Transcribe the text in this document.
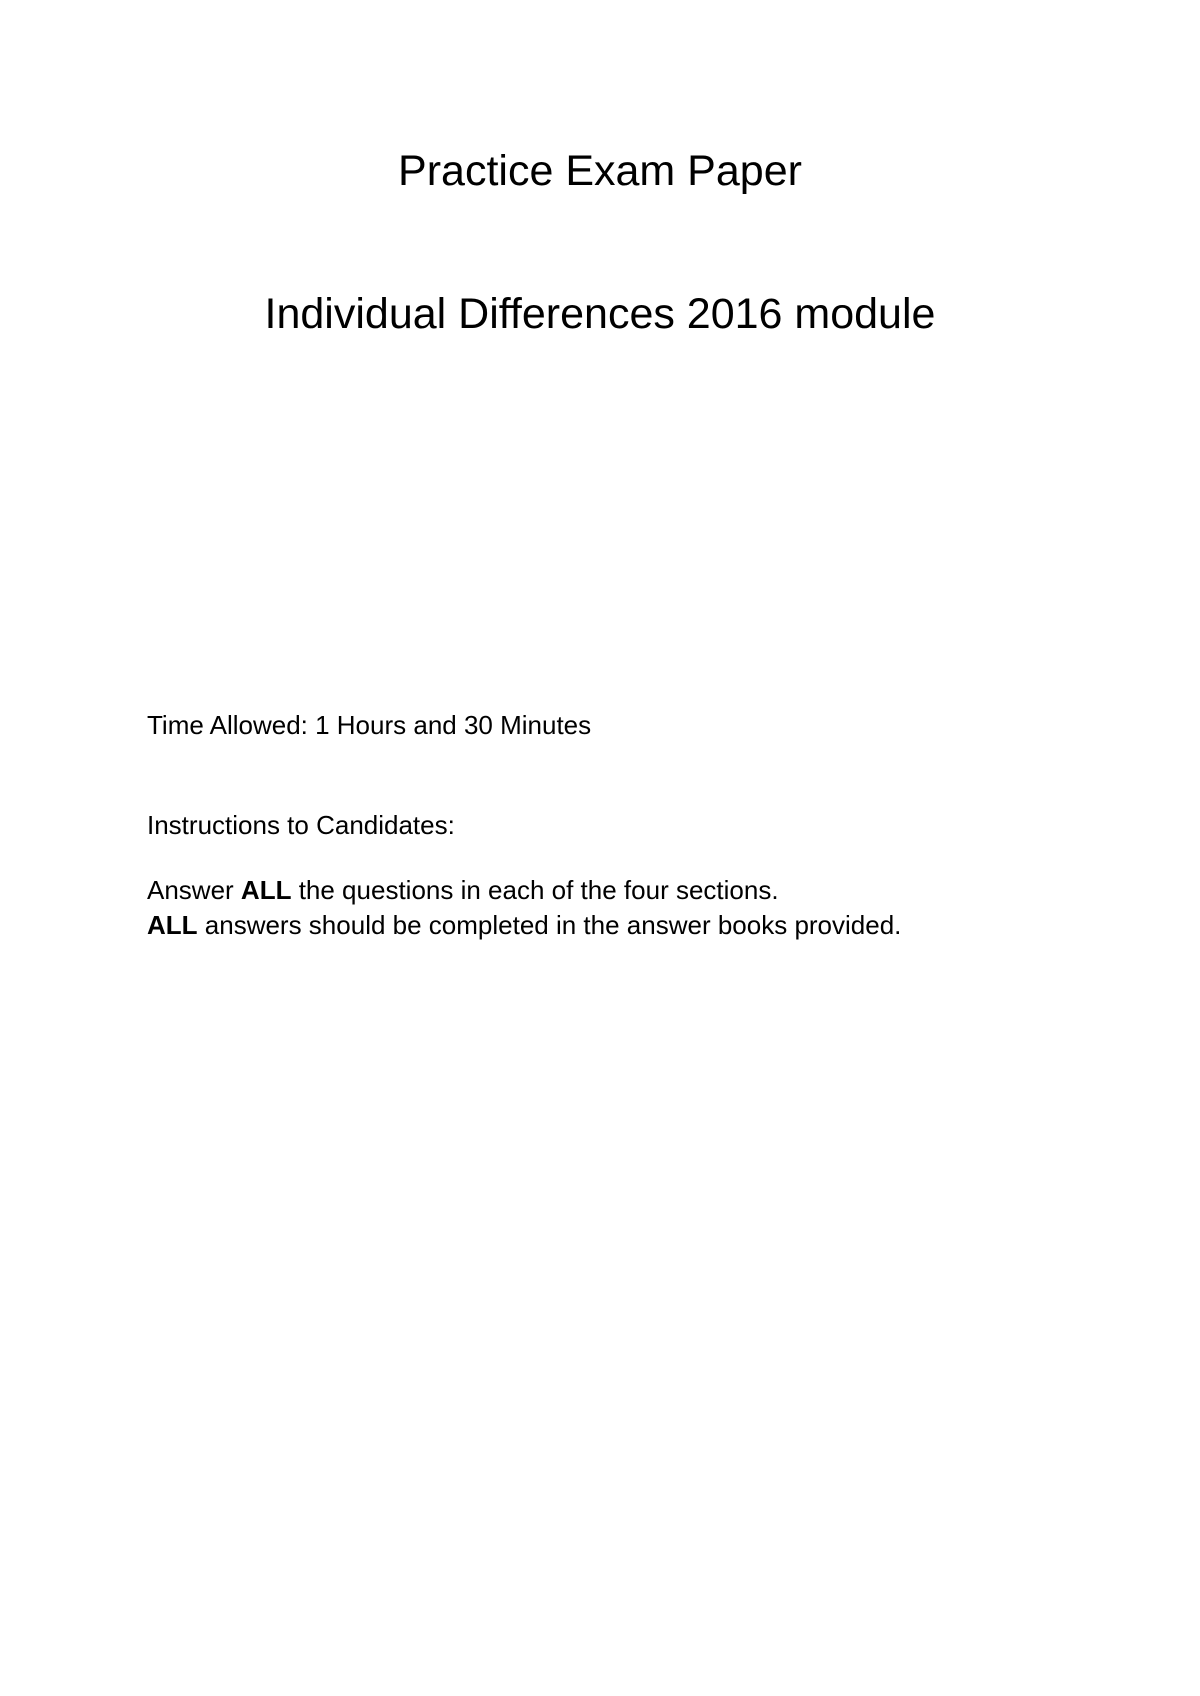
Practice Exam Paper
Individual Differences 2016 module

Time Allowed: 1 Hours and 30 Minutes

Instructions to Candidates:

Answer ALL the questions in each of the four sections.

ALL answers should be completed in the answer books provided.
